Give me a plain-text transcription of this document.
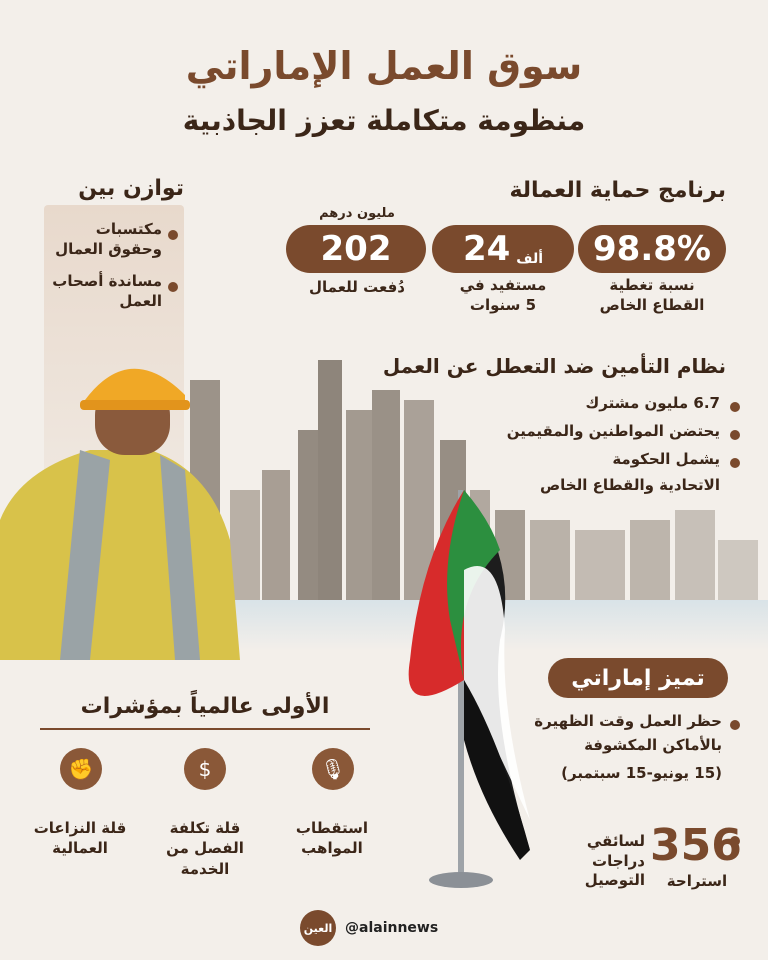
سوق العمل الإماراتي
منظومة متكاملة تعزز الجاذبية
توازن بين
مكتسبات وحقوق العمال
مساندة أصحاب العمل
برنامج حماية العمالة
98.8%
نسبة تغطية
القطاع الخاص
24 ألف
مستفيد في
5 سنوات
مليون درهم
202
دُفعت للعمال
نظام التأمين ضد التعطل عن العمل
6.7 مليون مشترك
يحتضن المواطنين والمقيمين
يشمل الحكومة
الاتحادية والقطاع الخاص
تميز إماراتي
حظر العمل وقت الظهيرة
بالأماكن المكشوفة
(15 يونيو-15 سبتمبر)
356
استراحة
لسائقي
دراجات التوصيل
الأولى عالمياً بمؤشرات
🎙
استقطاب
المواهب
$
قلة تكلفة
الفصل من الخدمة
✊
قلة النزاعات
العمالية
العين @alainnews
